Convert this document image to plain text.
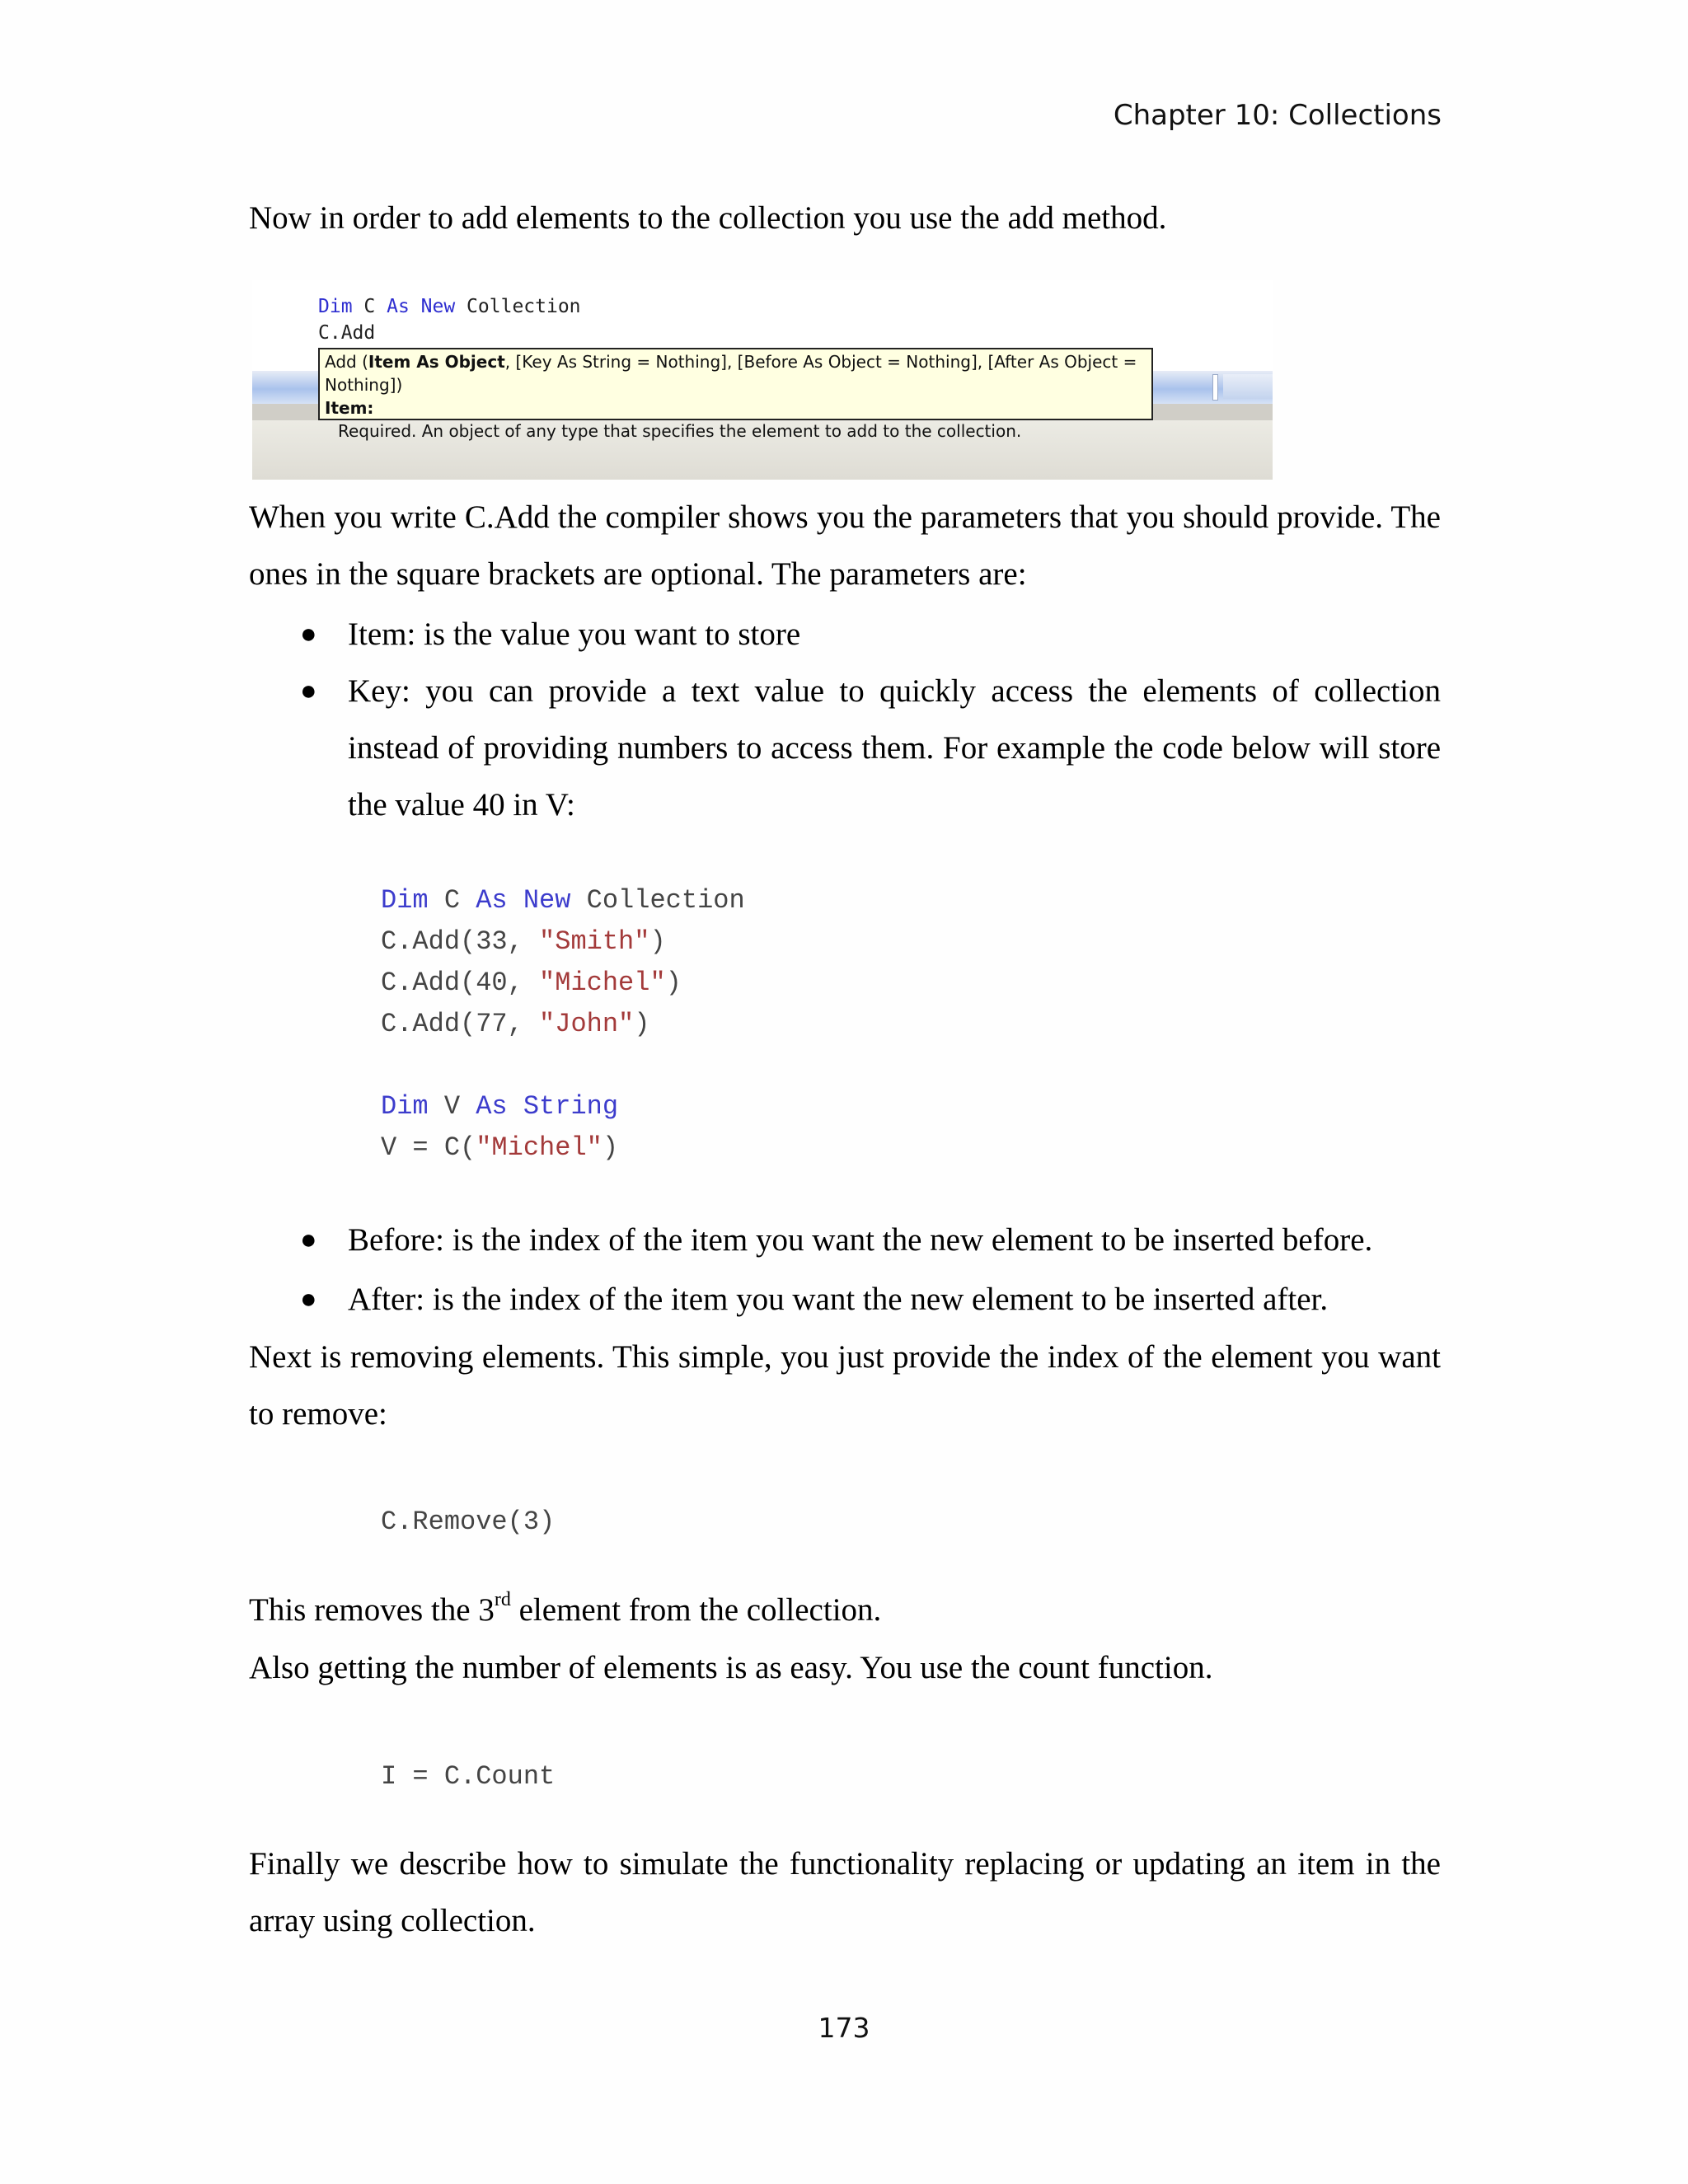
Chapter 10: Collections

Now in order to add elements to the collection you use the add method.

Dim C As New Collection
C.Add
Add (Item As Object, [Key As String = Nothing], [Before As Object = Nothing], [After As Object = Nothing])
Item:
Required. An object of any type that specifies the element to add to the collection.

When you write C.Add the compiler shows you the parameters that you should provide. The ones in the square brackets are optional. The parameters are:

● Item: is the value you want to store
● Key: you can provide a text value to quickly access the elements of collection instead of providing numbers to access them. For example the code below will store the value 40 in V:
Dim C As New Collection
C.Add(33, "Smith")
C.Add(40, "Michel")
C.Add(77, "John")

Dim V As String
V = C("Michel")
● Before: is the index of the item you want the new element to be inserted before.
● After: is the index of the item you want the new element to be inserted after.

Next is removing elements. This simple, you just provide the index of the element you want to remove:

C.Remove(3)

This removes the 3rd element from the collection.

Also getting the number of elements is as easy. You use the count function.

I = C.Count

Finally we describe how to simulate the functionality replacing or updating an item in the array using collection.

173
